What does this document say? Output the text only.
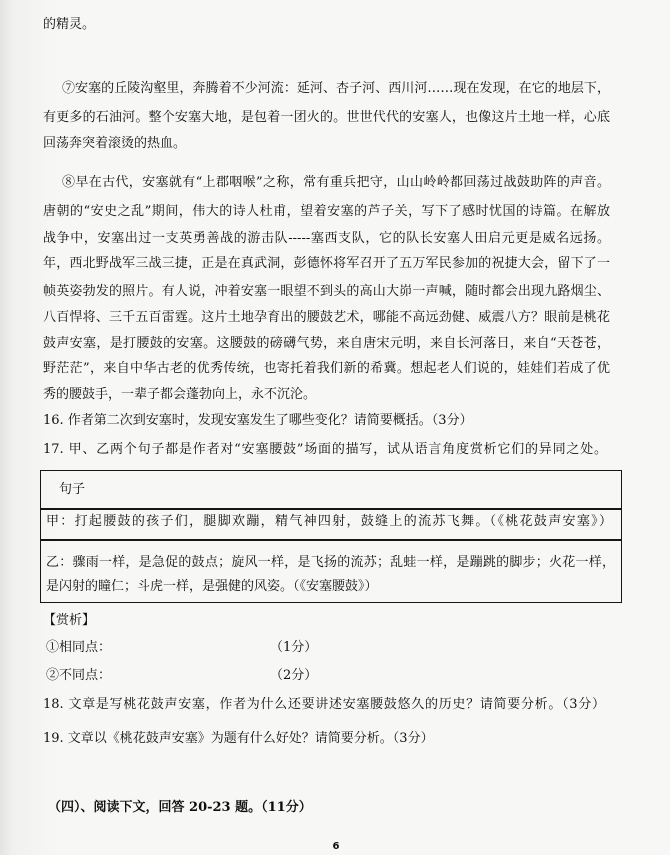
的精灵。
⑦安塞的丘陵沟壑里，奔腾着不少河流：延河、杏子河、西川河……现在发现，在它的地层下，
有更多的石油河。整个安塞大地，是包着一团火的。世世代代的安塞人，也像这片土地一样，心底
回荡奔突着滚烫的热血。
⑧早在古代，安塞就有“上郡咽喉”之称，常有重兵把守，山山岭岭都回荡过战鼓助阵的声音。
唐朝的“安史之乱”期间，伟大的诗人杜甫，望着安塞的芦子关，写下了感时忧国的诗篇。在解放
战争中，安塞出过一支英勇善战的游击队-----塞西支队，它的队长安塞人田启元更是威名远扬。
年，西北野战军三战三捷，正是在真武洞，彭德怀将军召开了五万军民参加的祝捷大会，留下了一
帧英姿勃发的照片。有人说，冲着安塞一眼望不到头的高山大峁一声喊，随时都会出现九路烟尘、
八百悍将、三千五百雷霆。这片土地孕育出的腰鼓艺术，哪能不高远劲健、威震八方？眼前是桃花
鼓声安塞，是打腰鼓的安塞。这腰鼓的磅礴气势，来自唐宋元明，来自长河落日，来自“天苍苍，
野茫茫”，来自中华古老的优秀传统，也寄托着我们新的希冀。想起老人们说的，娃娃们若成了优
秀的腰鼓手，一辈子都会蓬勃向上，永不沉沦。
16. 作者第二次到安塞时，发现安塞发生了哪些变化？请简要概括。（3分）
17. 甲、乙两个句子都是作者对“安塞腰鼓”场面的描写，试从语言角度赏析它们的异同之处。
句子
甲：打起腰鼓的孩子们，腿脚欢蹦，精气神四射，鼓缝上的流苏飞舞。（《桃花鼓声安塞》）
乙：骤雨一样，是急促的鼓点；旋风一样，是飞扬的流苏；乱蛙一样，是蹦跳的脚步；火花一样，
是闪射的瞳仁；斗虎一样，是强健的风姿。（《安塞腰鼓》）
【赏析】
①相同点：	（1分）
②不同点：	（2分）
18. 文章是写桃花鼓声安塞，作者为什么还要讲述安塞腰鼓悠久的历史？请简要分析。（3分）
19. 文章以《桃花鼓声安塞》为题有什么好处？请简要分析。（3分）
（四）、阅读下文，回答 20-23 题。（11分）
6
